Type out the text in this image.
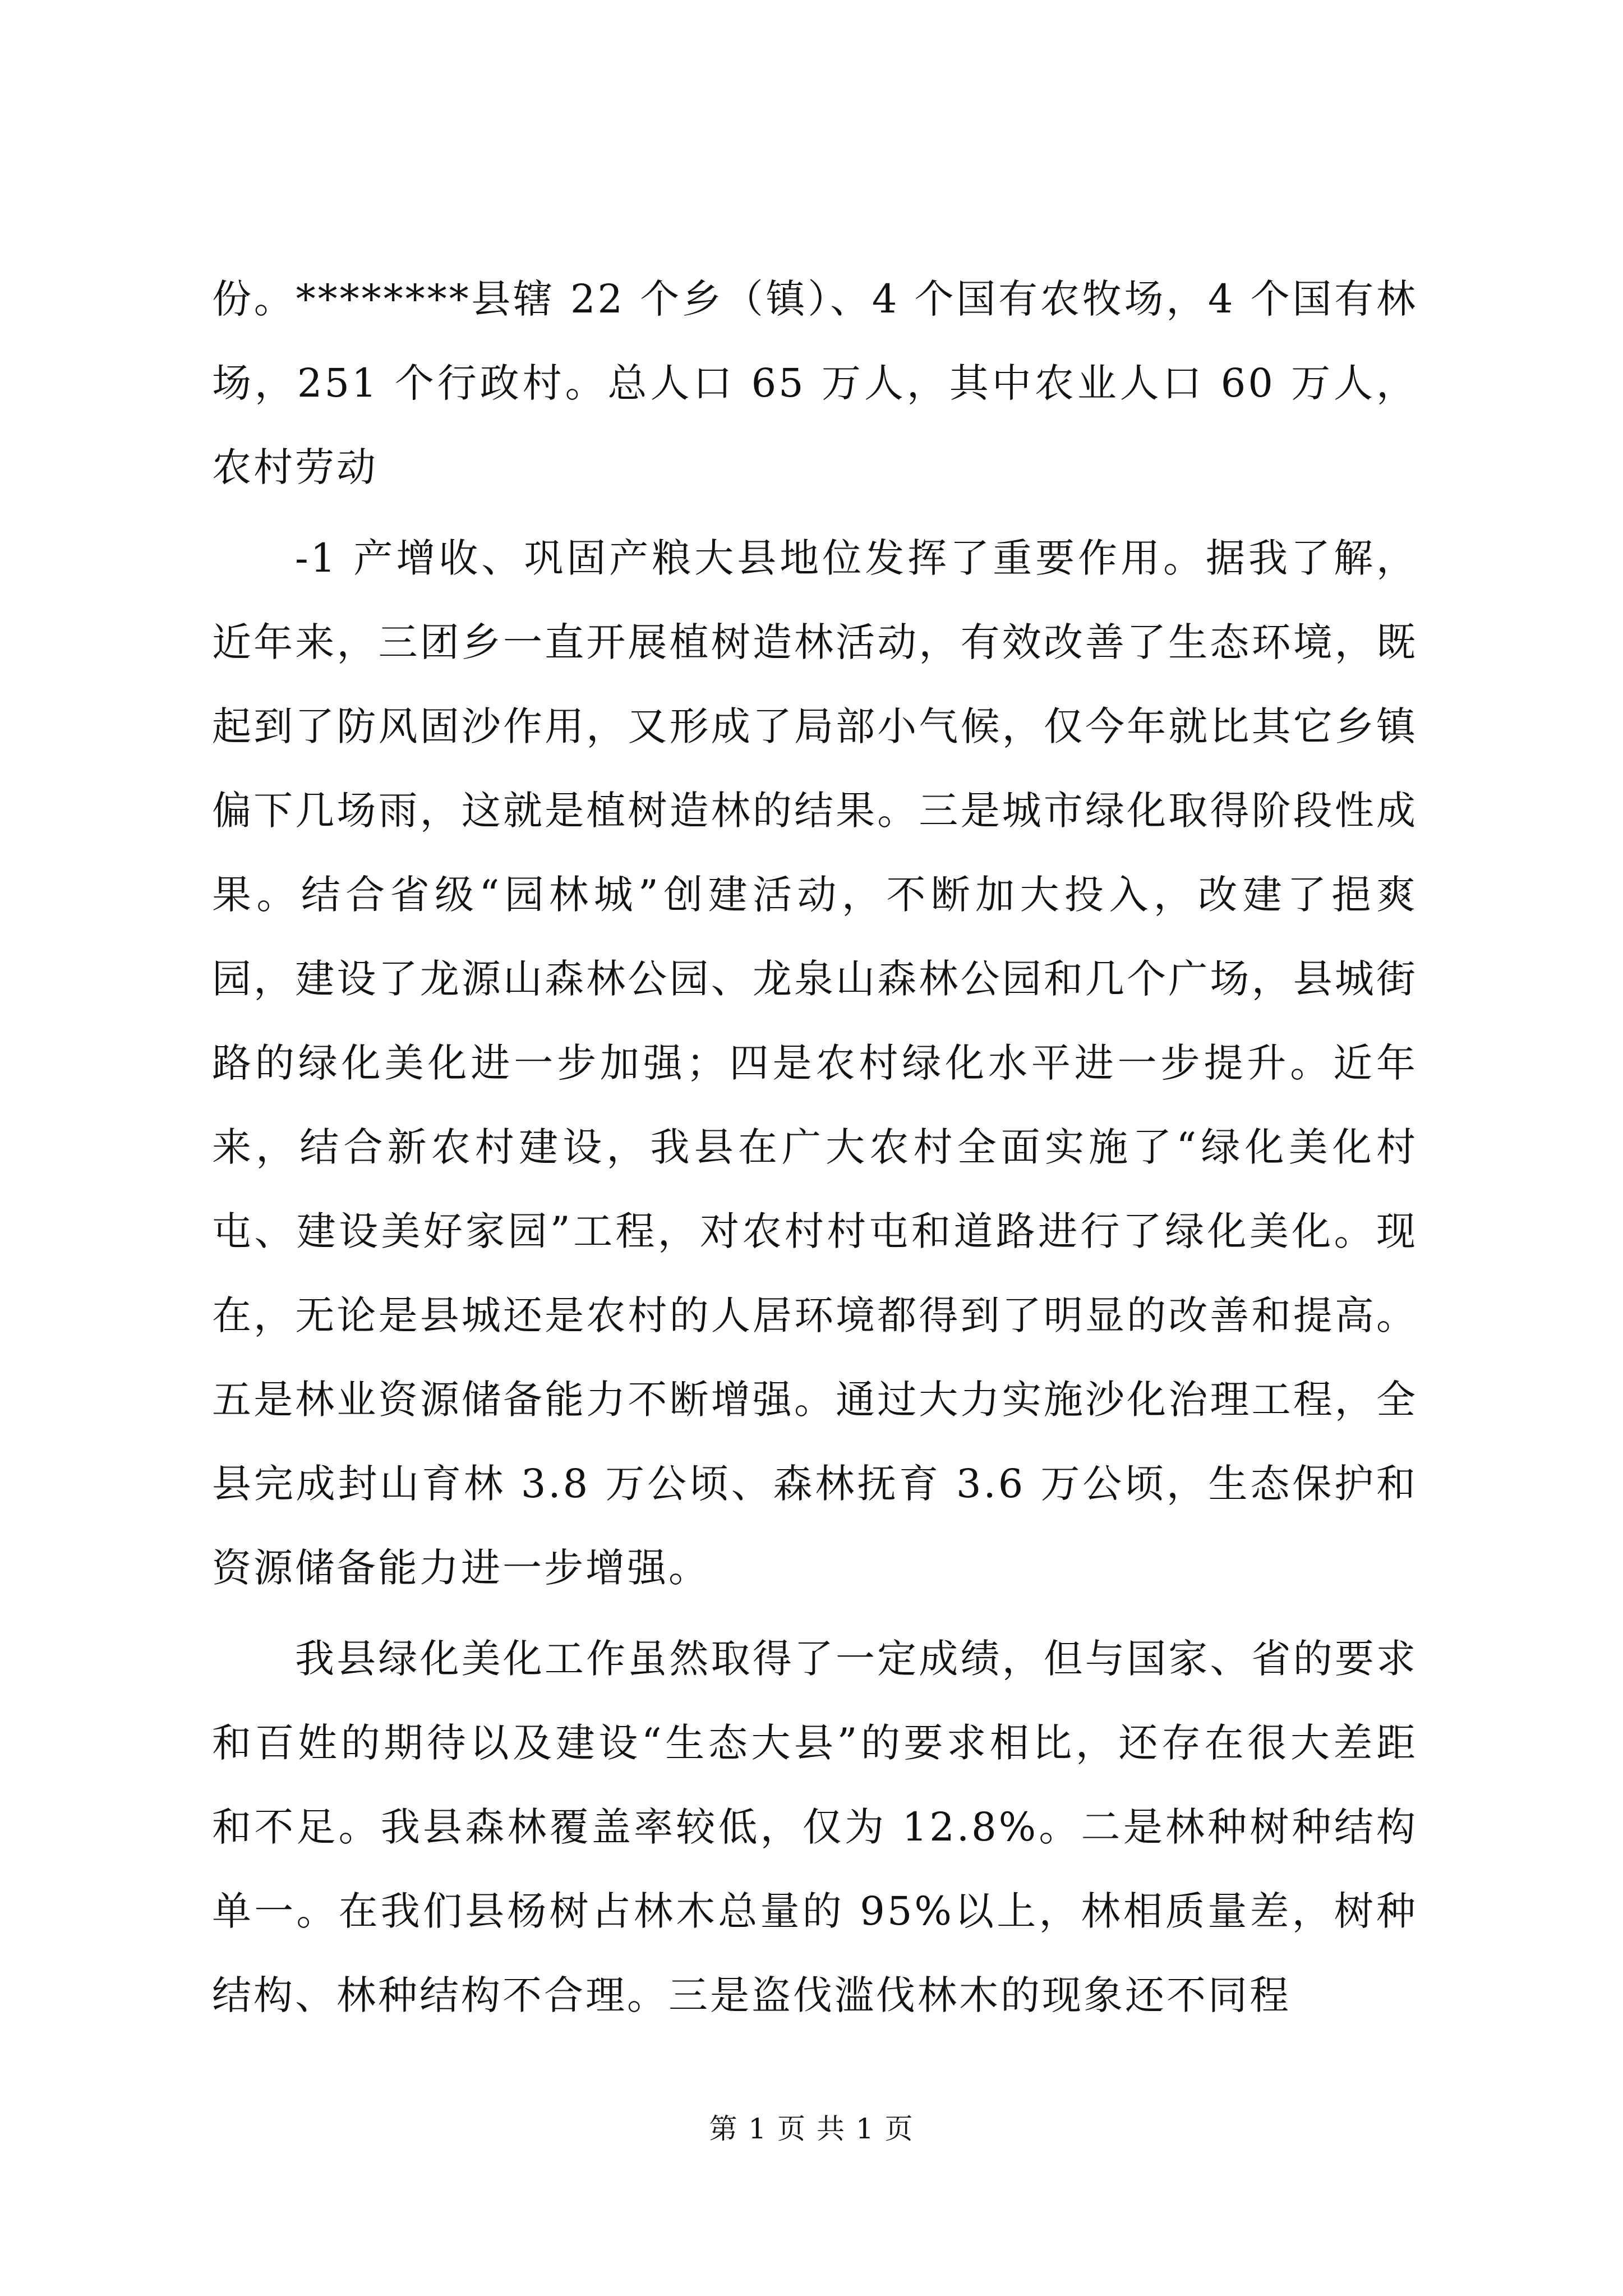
份。********县辖 22 个乡（镇）、4 个国有农牧场，4 个国有林场，251 个行政村。总人口 65 万人，其中农业人口 60 万人，农村劳动

-1 产增收、巩固产粮大县地位发挥了重要作用。据我了解，近年来，三团乡一直开展植树造林活动，有效改善了生态环境，既起到了防风固沙作用，又形成了局部小气候，仅今年就比其它乡镇偏下几场雨，这就是植树造林的结果。三是城市绿化取得阶段性成果。结合省级“园林城”创建活动，不断加大投入，改建了挹爽园，建设了龙源山森林公园、龙泉山森林公园和几个广场，县城街路的绿化美化进一步加强；四是农村绿化水平进一步提升。近年来，结合新农村建设，我县在广大农村全面实施了“绿化美化村屯、建设美好家园”工程，对农村村屯和道路进行了绿化美化。现在，无论是县城还是农村的人居环境都得到了明显的改善和提高。五是林业资源储备能力不断增强。通过大力实施沙化治理工程，全县完成封山育林 3.8 万公顷、森林抚育 3.6 万公顷，生态保护和资源储备能力进一步增强。

我县绿化美化工作虽然取得了一定成绩，但与国家、省的要求和百姓的期待以及建设“生态大县”的要求相比，还存在很大差距和不足。我县森林覆盖率较低，仅为 12.8%。二是林种树种结构单一。在我们县杨树占林木总量的 95%以上，林相质量差，树种结构、林种结构不合理。三是盗伐滥伐林木的现象还不同程

第 1 页 共 1 页
